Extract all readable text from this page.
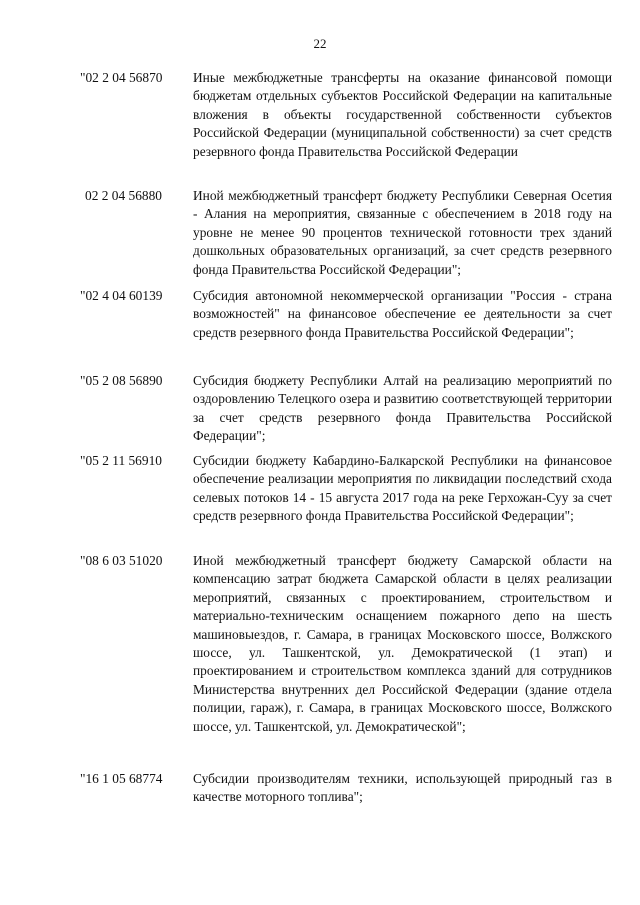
22
"02 2 04 56870	Иные межбюджетные трансферты на оказание финансовой помощи бюджетам отдельных субъектов Российской Федерации на капитальные вложения в объекты государственной собственности субъектов Российской Федерации (муниципальной собственности) за счет средств резервного фонда Правительства Российской Федерации
02 2 04 56880	Иной межбюджетный трансферт бюджету Республики Северная Осетия - Алания на мероприятия, связанные с обеспечением в 2018 году на уровне не менее 90 процентов технической готовности трех зданий дошкольных образовательных организаций, за счет средств резервного фонда Правительства Российской Федерации";
"02 4 04 60139	Субсидия автономной некоммерческой организации "Россия - страна возможностей" на финансовое обеспечение ее деятельности за счет средств резервного фонда Правительства Российской Федерации";
"05 2 08 56890	Субсидия бюджету Республики Алтай на реализацию мероприятий по оздоровлению Телецкого озера и развитию соответствующей территории за счет средств резервного фонда Правительства Российской Федерации";
"05 2 11 56910	Субсидии бюджету Кабардино-Балкарской Республики на финансовое обеспечение реализации мероприятия по ликвидации последствий схода селевых потоков 14 - 15 августа 2017 года на реке Герхожан-Суу за счет средств резервного фонда Правительства Российской Федерации";
"08 6 03 51020	Иной межбюджетный трансферт бюджету Самарской области на компенсацию затрат бюджета Самарской области в целях реализации мероприятий, связанных с проектированием, строительством и материально-техническим оснащением пожарного депо на шесть машиновыездов, г. Самара, в границах Московского шоссе, Волжского шоссе, ул. Ташкентской, ул. Демократической (1 этап) и проектированием и строительством комплекса зданий для сотрудников Министерства внутренних дел Российской Федерации (здание отдела полиции, гараж), г. Самара, в границах Московского шоссе, Волжского шоссе, ул. Ташкентской, ул. Демократической";
"16 1 05 68774	Субсидии производителям техники, использующей природный газ в качестве моторного топлива";
